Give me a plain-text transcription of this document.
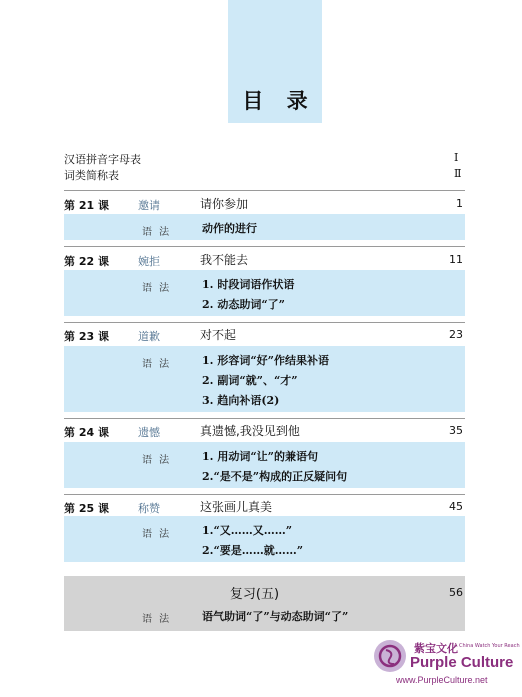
目 录
汉语拼音字母表	Ⅰ
词类简称表	Ⅱ
第 21 课	邀请	请你参加	1
语 法	动作的进行
第 22 课	婉拒	我不能去	11
语 法	1. 时段词语作状语
2. 动态助词“了”
第 23 课	道歉	对不起	23
语 法	1. 形容词“好”作结果补语
2. 副词“就”、“才”
3. 趋向补语(2)
第 24 课	遗憾	真遗憾,我没见到他	35
语 法	1. 用动词“让”的兼语句
2.“是不是”构成的正反疑问句
第 25 课	称赞	这张画儿真美	45
语 法	1.“又……又……”
2.“要是……就……”
复习(五)	56
语 法	语气助词“了”与动态助词“了”
紫宝文化
A China Watch Your Reach
Purple Culture
www.PurpleCulture.net
